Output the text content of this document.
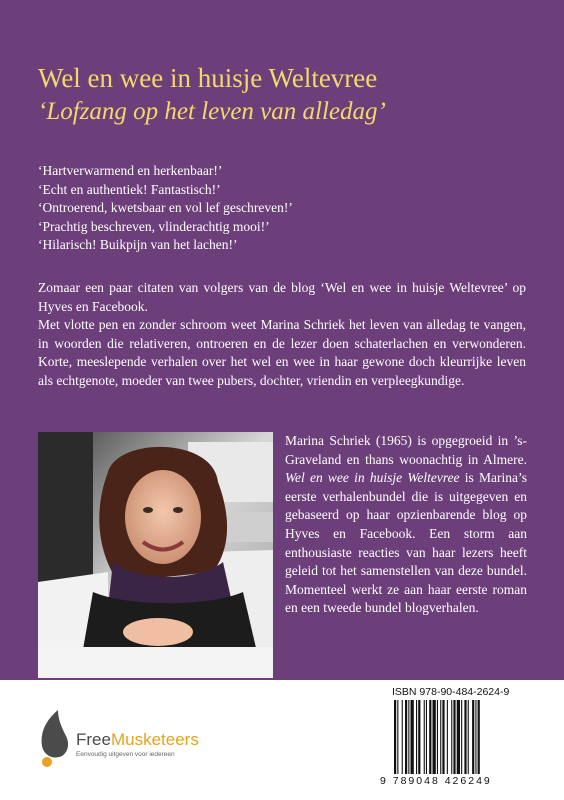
Wel en wee in huisje Weltevree
‘Lofzang op het leven van alledag’
‘Hartverwarmend en herkenbaar!’
‘Echt en authentiek! Fantastisch!’
‘Ontroerend, kwetsbaar en vol lef geschreven!’
‘Prachtig beschreven, vlinderachtig mooi!’
‘Hilarisch! Buikpijn van het lachen!’

Zomaar een paar citaten van volgers van de blog ‘Wel en wee in huisje Weltevree’ op Hyves en Facebook.

Met vlotte pen en zonder schroom weet Marina Schriek het leven van alledag te vangen, in woorden die relativeren, ontroeren en de lezer doen schaterlachen en verwonderen. Korte, meeslepende verhalen over het wel en wee in haar gewone doch kleurrijke leven als echtgenote, moeder van twee pubers, dochter, vriendin en verpleegkundige.

Marina Schriek (1965) is opgegroeid in ’s-Graveland en thans woonachtig in Almere. Wel en wee in huisje Weltevree is Marina’s eerste verhalenbundel die is uitgegeven en gebaseerd op haar opzienbarende blog op Hyves en Facebook. Een storm aan enthousiaste reacties van haar lezers heeft geleid tot het samenstellen van deze bundel. Momenteel werkt ze aan haar eerste roman en een tweede bundel blogverhalen.
FreeMusketeers
Eenvoudig uitgeven voor iedereen
ISBN 978-90-484-2624-9
9 789048 426249
